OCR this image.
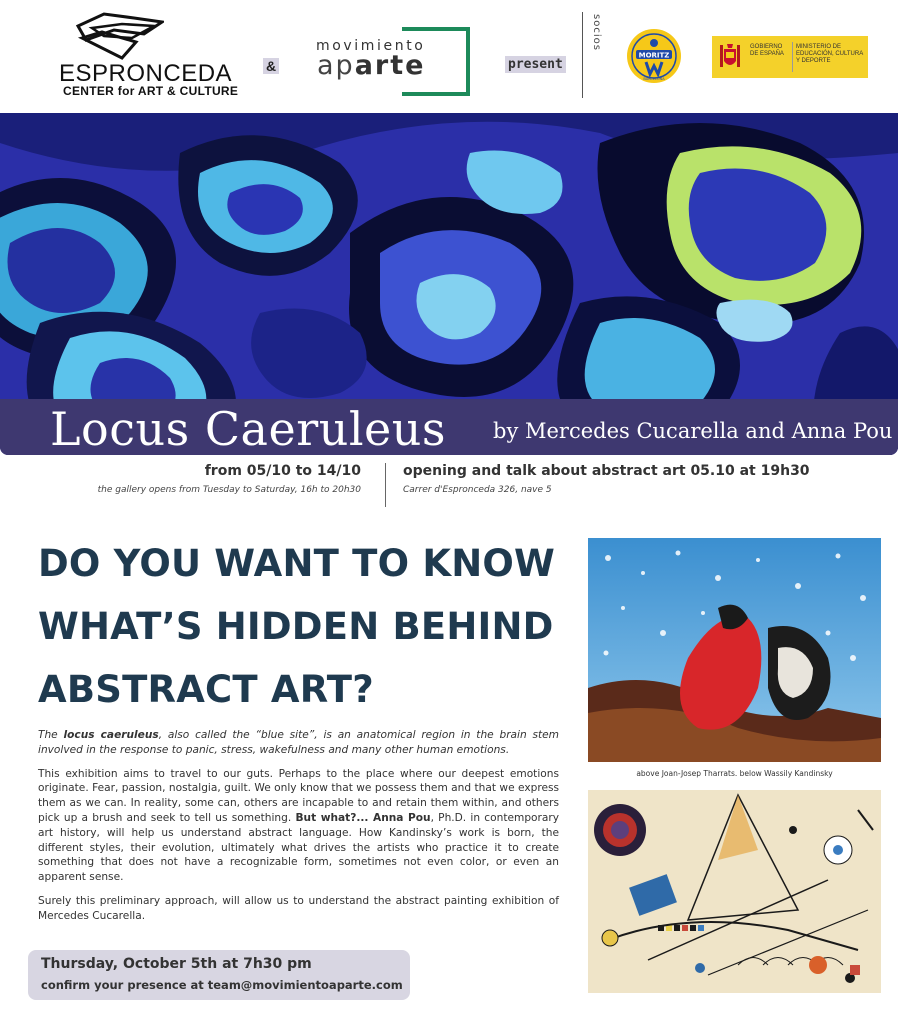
ESPRONCEDA
CENTER for ART & CULTURE
&
movimiento
aparte	present
socios
MORITZ
BARCELONA
GOBIERNO DE ESPAÑA
MINISTERIO DE EDUCACIÓN, CULTURA Y DEPORTE
Locus Caeruleus by Mercedes Cucarella and Anna Pou
from 05/10 to 14/10
the gallery opens from Tuesday to Saturday, 16h to 20h30
opening and talk about abstract art 05.10 at 19h30
Carrer d'Espronceda 326, nave 5
DO YOU WANT TO KNOW
WHAT’S HIDDEN BEHIND
ABSTRACT ART?

The locus caeruleus, also called the “blue site”, is an anatomical region in the brain stem involved in the response to panic, stress, wakefulness and many other human emotions.

This exhibition aims to travel to our guts. Perhaps to the place where our deepest emotions originate. Fear, passion, nostalgia, guilt. We only know that we possess them and that we express them as we can. In reality, some can, others are incapable to and retain them within, and others pick up a brush and seek to tell us something. But what?... Anna Pou, Ph.D. in contemporary art history, will help us understand abstract language. How Kandinsky’s work is born, the different styles, their evolution, ultimately what drives the artists who practice it to create something that does not have a recognizable form, sometimes not even color, or even an apparent sense.

Surely this preliminary approach, will allow us to understand the abstract painting exhibition of Mercedes Cucarella.

Thursday, October 5th at 7h30 pm
confirm your presence at team@movimientoaparte.com
above Joan-Josep Tharrats. below Wassily Kandinsky
